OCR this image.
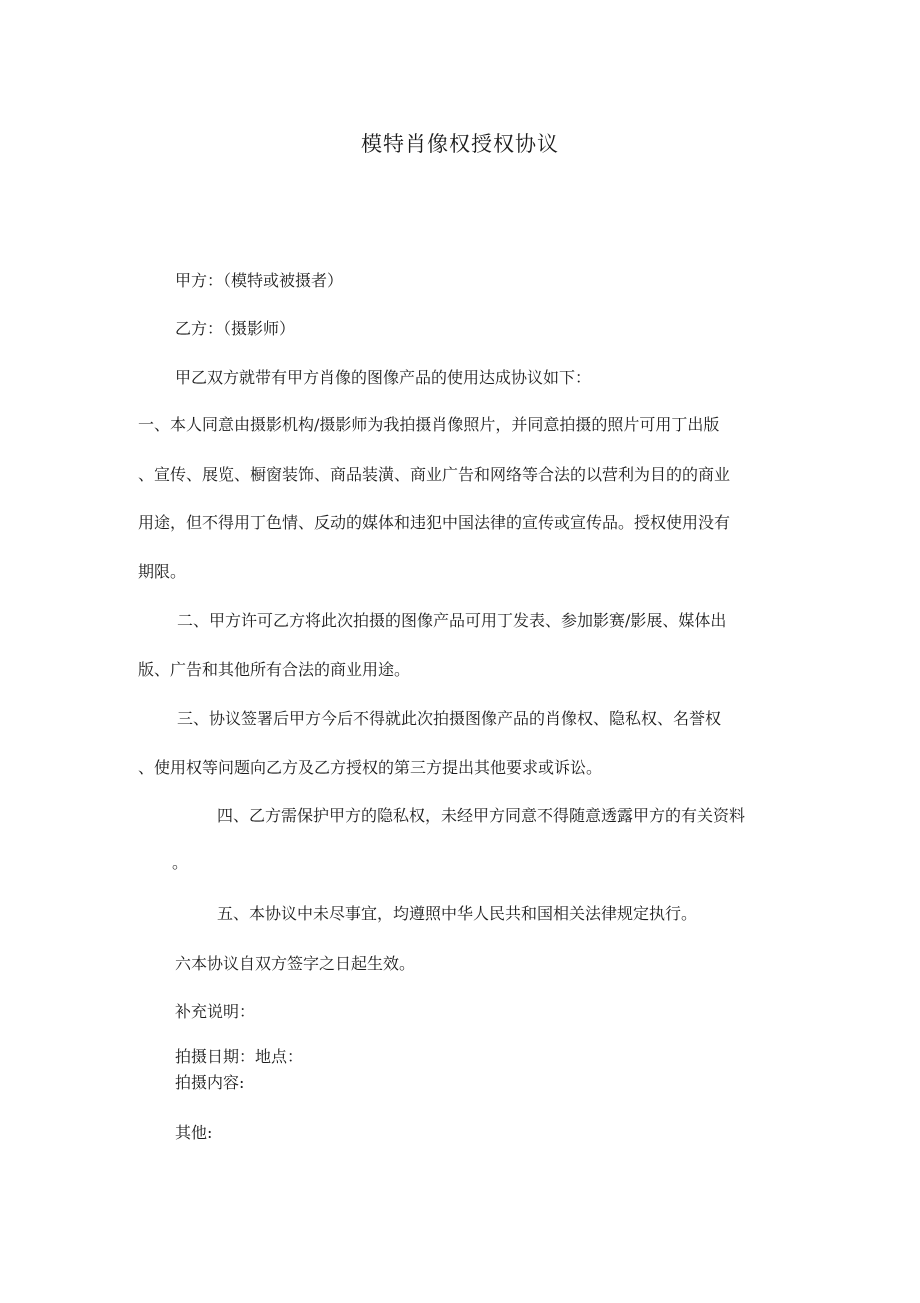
模特肖像权授权协议
甲方：（模特或被摄者）
乙方：（摄影师）
甲乙双方就带有甲方肖像的图像产品的使用达成协议如下：
一、本人同意由摄影机构/摄影师为我拍摄肖像照片，并同意拍摄的照片可用丁出版
、宣传、展览、橱窗装饰、商品装潢、商业广告和网络等合法的以营利为目的的商业
用途，但不得用丁色情、反动的媒体和违犯中国法律的宣传或宣传品。授权使用没有
期限。
二、甲方许可乙方将此次拍摄的图像产品可用丁发表、参加影赛/影展、媒体出
版、广告和其他所有合法的商业用途。
三、协议签署后甲方今后不得就此次拍摄图像产品的肖像权、隐私权、名誉权
、使用权等问题向乙方及乙方授权的第三方提出其他要求或诉讼。
四、乙方需保护甲方的隐私权，未经甲方同意不得随意透露甲方的有关资料
。
五、本协议中未尽事宜，均遵照中华人民共和国相关法律规定执行。
六本协议自双方签字之日起生效。
补充说明：
拍摄日期：地点：
拍摄内容:
其他:
